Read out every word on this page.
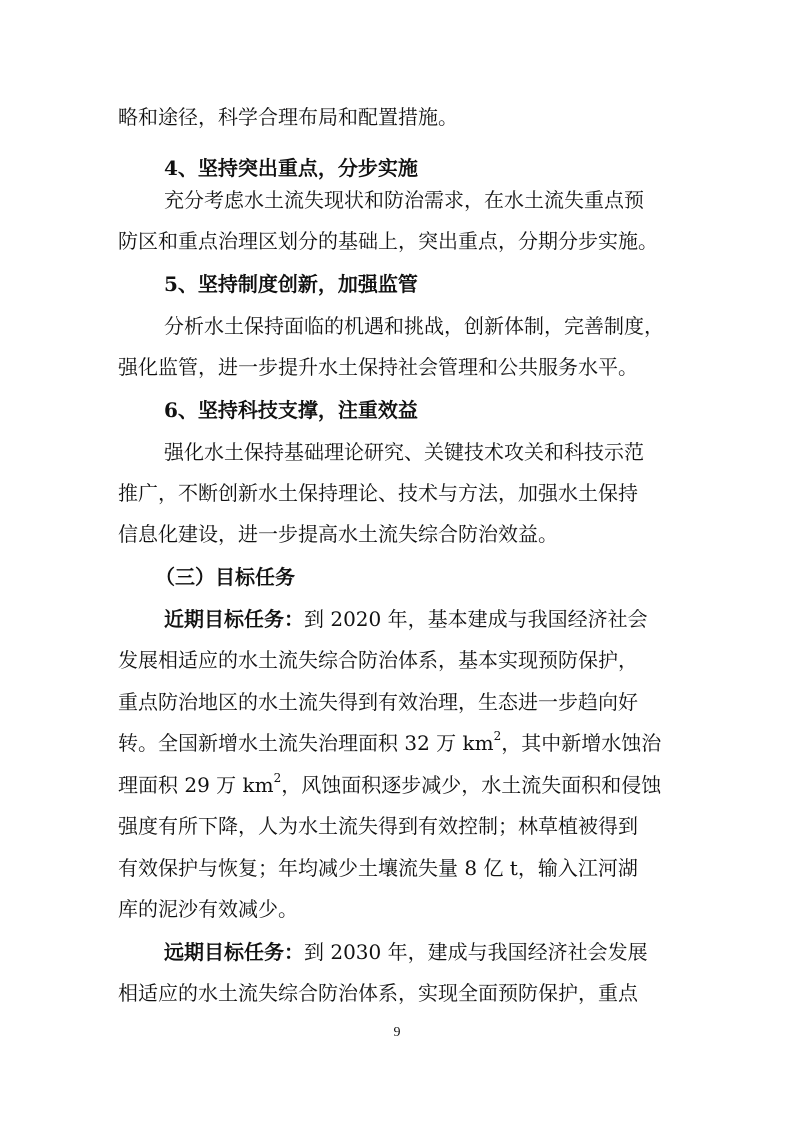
略和途径，科学合理布局和配置措施。
4、坚持突出重点，分步实施
充分考虑水土流失现状和防治需求，在水土流失重点预
防区和重点治理区划分的基础上，突出重点，分期分步实施。
5、坚持制度创新，加强监管
分析水土保持面临的机遇和挑战，创新体制，完善制度，
强化监管，进一步提升水土保持社会管理和公共服务水平。
6、坚持科技支撑，注重效益
强化水土保持基础理论研究、关键技术攻关和科技示范
推广，不断创新水土保持理论、技术与方法，加强水土保持
信息化建设，进一步提高水土流失综合防治效益。
（三）目标任务
近期目标任务：到 2020 年，基本建成与我国经济社会
发展相适应的水土流失综合防治体系，基本实现预防保护，
重点防治地区的水土流失得到有效治理，生态进一步趋向好
转。全国新增水土流失治理面积 32 万 $km^2$，其中新增水蚀治
理面积 29 万 $km^2$，风蚀面积逐步减少，水土流失面积和侵蚀
强度有所下降，人为水土流失得到有效控制；林草植被得到
有效保护与恢复；年均减少土壤流失量 8 亿 t，输入江河湖
库的泥沙有效减少。
远期目标任务：到 2030 年，建成与我国经济社会发展
相适应的水土流失综合防治体系，实现全面预防保护，重点
9
